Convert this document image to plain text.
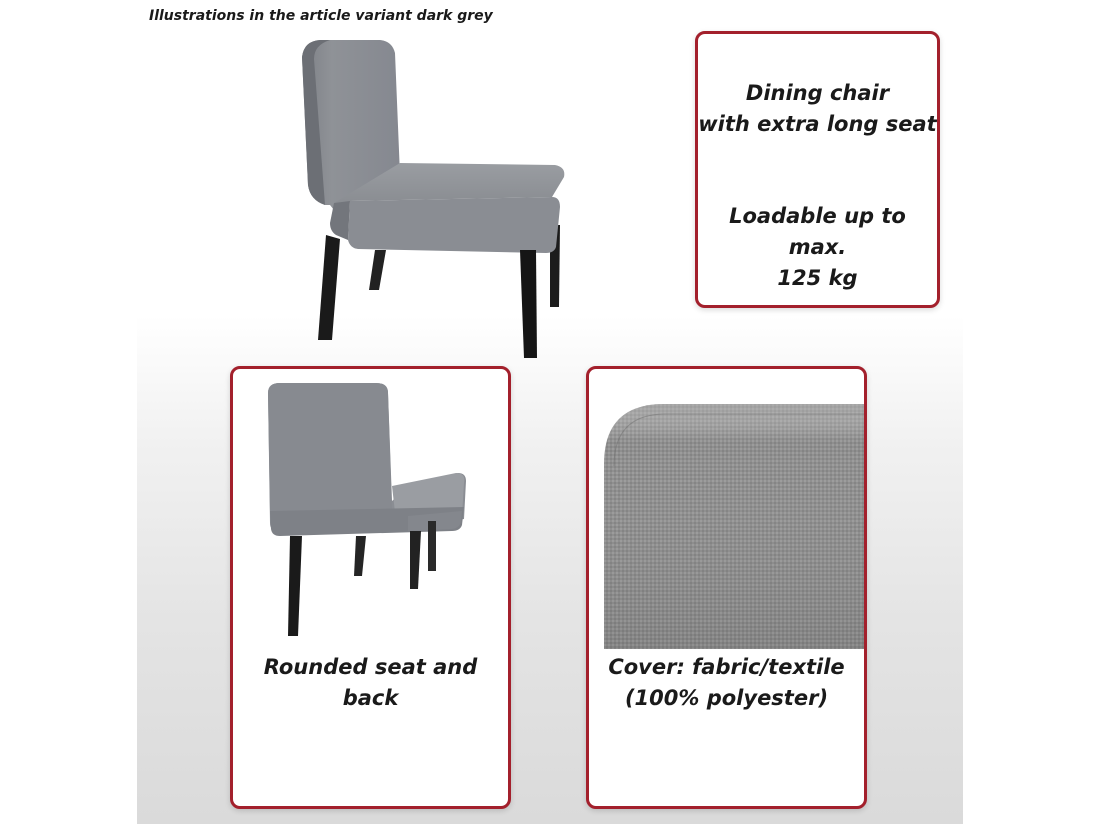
Illustrations in the article variant dark grey
Dining chair
with extra long seat
Loadable up to max.
125 kg
Rounded seat and
back
Cover: fabric/textile
(100% polyester)
